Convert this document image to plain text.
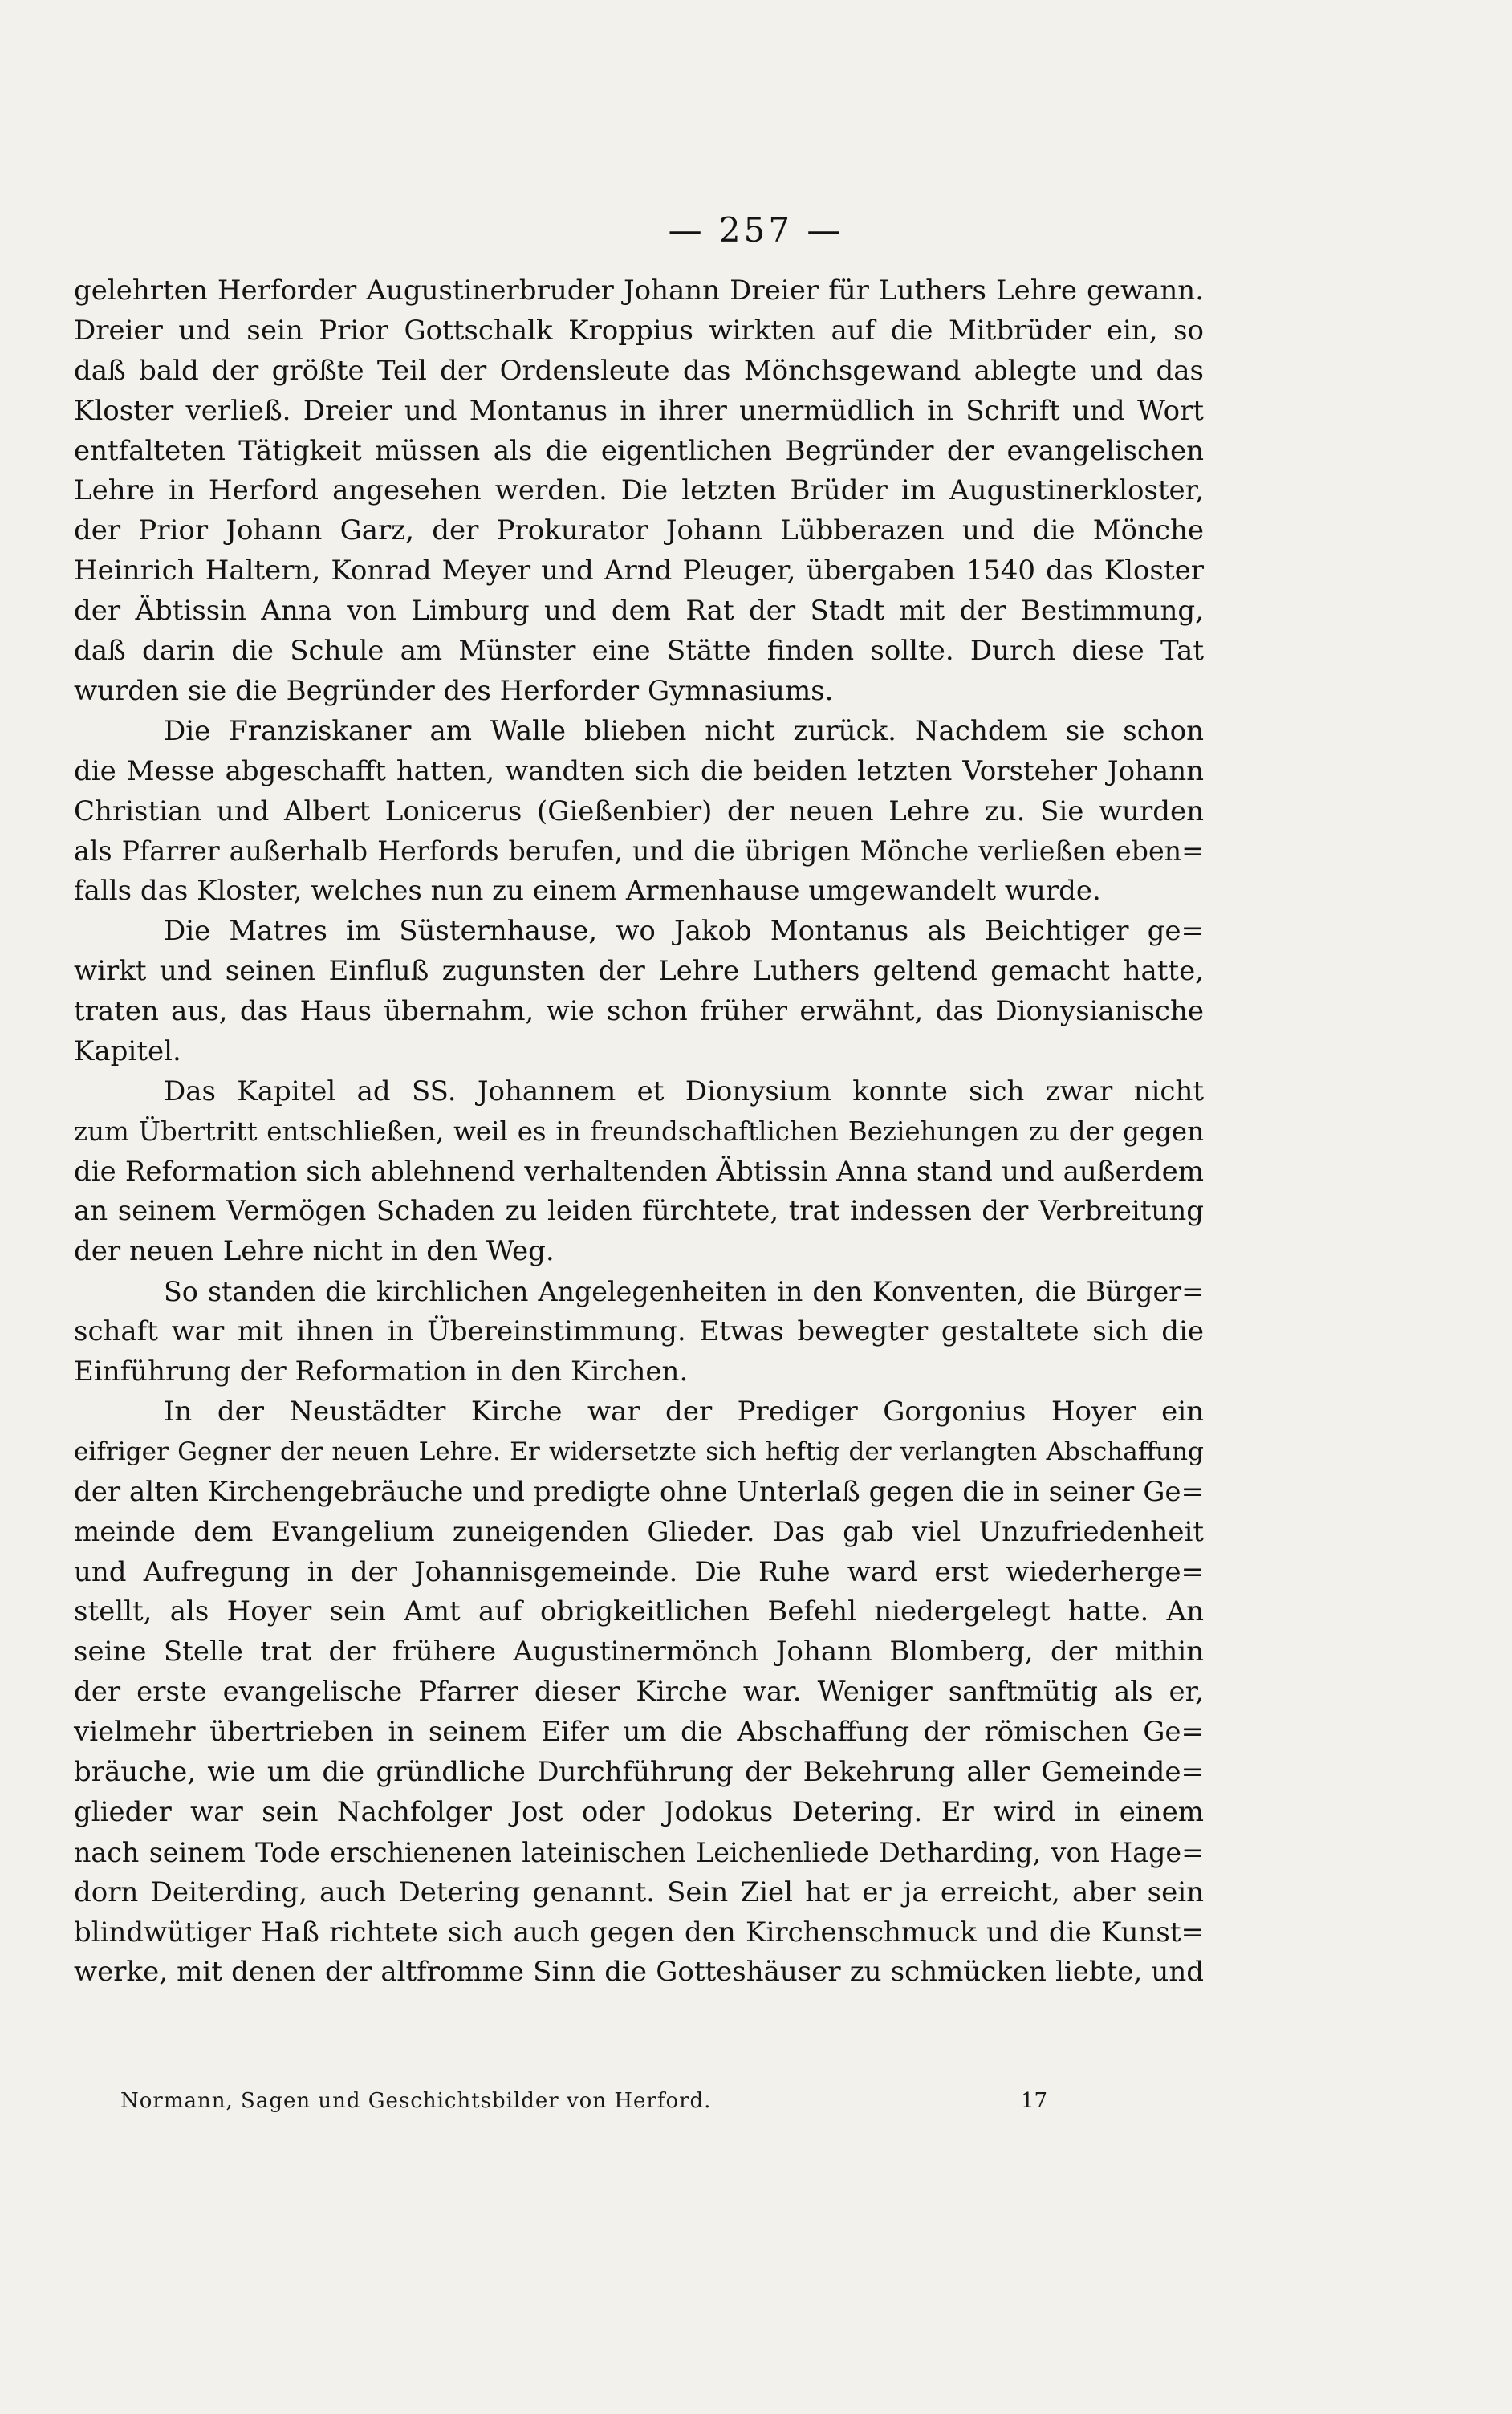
— 257 —
gelehrten Herforder Augustinerbruder Johann Dreier für Luthers Lehre gewann.
Dreier und sein Prior Gottschalk Kroppius wirkten auf die Mitbrüder ein, so
daß bald der größte Teil der Ordensleute das Mönchsgewand ablegte und das
Kloster verließ. Dreier und Montanus in ihrer unermüdlich in Schrift und Wort
entfalteten Tätigkeit müssen als die eigentlichen Begründer der evangelischen
Lehre in Herford angesehen werden. Die letzten Brüder im Augustinerkloster,
der Prior Johann Garz, der Prokurator Johann Lübberazen und die Mönche
Heinrich Haltern, Konrad Meyer und Arnd Pleuger, übergaben 1540 das Kloster
der Äbtissin Anna von Limburg und dem Rat der Stadt mit der Bestimmung,
daß darin die Schule am Münster eine Stätte finden sollte. Durch diese Tat
wurden sie die Begründer des Herforder Gymnasiums.
Die Franziskaner am Walle blieben nicht zurück. Nachdem sie schon
die Messe abgeschafft hatten, wandten sich die beiden letzten Vorsteher Johann
Christian und Albert Lonicerus (Gießenbier) der neuen Lehre zu. Sie wurden
als Pfarrer außerhalb Herfords berufen, und die übrigen Mönche verließen eben=
falls das Kloster, welches nun zu einem Armenhause umgewandelt wurde.
Die Matres im Süsternhause, wo Jakob Montanus als Beichtiger ge=
wirkt und seinen Einfluß zugunsten der Lehre Luthers geltend gemacht hatte,
traten aus, das Haus übernahm, wie schon früher erwähnt, das Dionysianische
Kapitel.
Das Kapitel ad SS. Johannem et Dionysium konnte sich zwar nicht
zum Übertritt entschließen, weil es in freundschaftlichen Beziehungen zu der gegen
die Reformation sich ablehnend verhaltenden Äbtissin Anna stand und außerdem
an seinem Vermögen Schaden zu leiden fürchtete, trat indessen der Verbreitung
der neuen Lehre nicht in den Weg.
So standen die kirchlichen Angelegenheiten in den Konventen, die Bürger=
schaft war mit ihnen in Übereinstimmung. Etwas bewegter gestaltete sich die
Einführung der Reformation in den Kirchen.
In der Neustädter Kirche war der Prediger Gorgonius Hoyer ein
eifriger Gegner der neuen Lehre. Er widersetzte sich heftig der verlangten Abschaffung
der alten Kirchengebräuche und predigte ohne Unterlaß gegen die in seiner Ge=
meinde dem Evangelium zuneigenden Glieder. Das gab viel Unzufriedenheit
und Aufregung in der Johannisgemeinde. Die Ruhe ward erst wiederherge=
stellt, als Hoyer sein Amt auf obrigkeitlichen Befehl niedergelegt hatte. An
seine Stelle trat der frühere Augustinermönch Johann Blomberg, der mithin
der erste evangelische Pfarrer dieser Kirche war. Weniger sanftmütig als er,
vielmehr übertrieben in seinem Eifer um die Abschaffung der römischen Ge=
bräuche, wie um die gründliche Durchführung der Bekehrung aller Gemeinde=
glieder war sein Nachfolger Jost oder Jodokus Detering. Er wird in einem
nach seinem Tode erschienenen lateinischen Leichenliede Detharding, von Hage=
dorn Deiterding, auch Detering genannt. Sein Ziel hat er ja erreicht, aber sein
blindwütiger Haß richtete sich auch gegen den Kirchenschmuck und die Kunst=
werke, mit denen der altfromme Sinn die Gotteshäuser zu schmücken liebte, und
Normann, Sagen und Geschichtsbilder von Herford.	17
